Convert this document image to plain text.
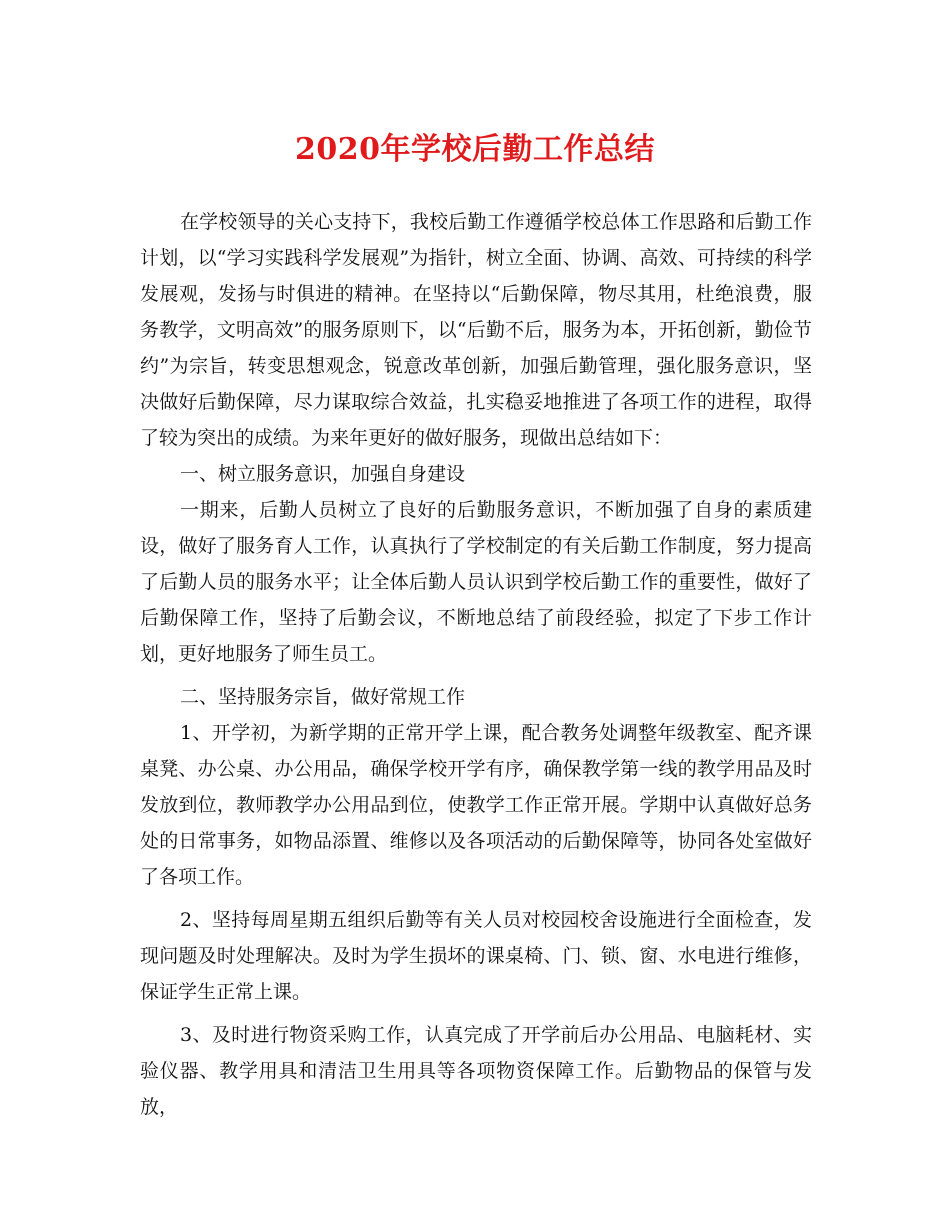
2020年学校后勤工作总结

在学校领导的关心支持下，我校后勤工作遵循学校总体工作思路和后勤工作计划，以“学习实践科学发展观”为指针，树立全面、协调、高效、可持续的科学发展观，发扬与时俱进的精神。在坚持以“后勤保障，物尽其用，杜绝浪费，服务教学，文明高效”的服务原则下，以“后勤不后，服务为本，开拓创新，勤俭节约”为宗旨，转变思想观念，锐意改革创新，加强后勤管理，强化服务意识，坚决做好后勤保障，尽力谋取综合效益，扎实稳妥地推进了各项工作的进程，取得了较为突出的成绩。为来年更好的做好服务，现做出总结如下：

一、树立服务意识，加强自身建设

一期来，后勤人员树立了良好的后勤服务意识，不断加强了自身的素质建设，做好了服务育人工作，认真执行了学校制定的有关后勤工作制度，努力提高了后勤人员的服务水平；让全体后勤人员认识到学校后勤工作的重要性，做好了后勤保障工作，坚持了后勤会议，不断地总结了前段经验，拟定了下步工作计划，更好地服务了师生员工。

二、坚持服务宗旨，做好常规工作

1、开学初，为新学期的正常开学上课，配合教务处调整年级教室、配齐课桌凳、办公桌、办公用品，确保学校开学有序，确保教学第一线的教学用品及时发放到位，教师教学办公用品到位，使教学工作正常开展。学期中认真做好总务处的日常事务，如物品添置、维修以及各项活动的后勤保障等，协同各处室做好了各项工作。

2、坚持每周星期五组织后勤等有关人员对校园校舍设施进行全面检查，发现问题及时处理解决。及时为学生损坏的课桌椅、门、锁、窗、水电进行维修，保证学生正常上课。

3、及时进行物资采购工作，认真完成了开学前后办公用品、电脑耗材、实验仪器、教学用具和清洁卫生用具等各项物资保障工作。后勤物品的保管与发放，
